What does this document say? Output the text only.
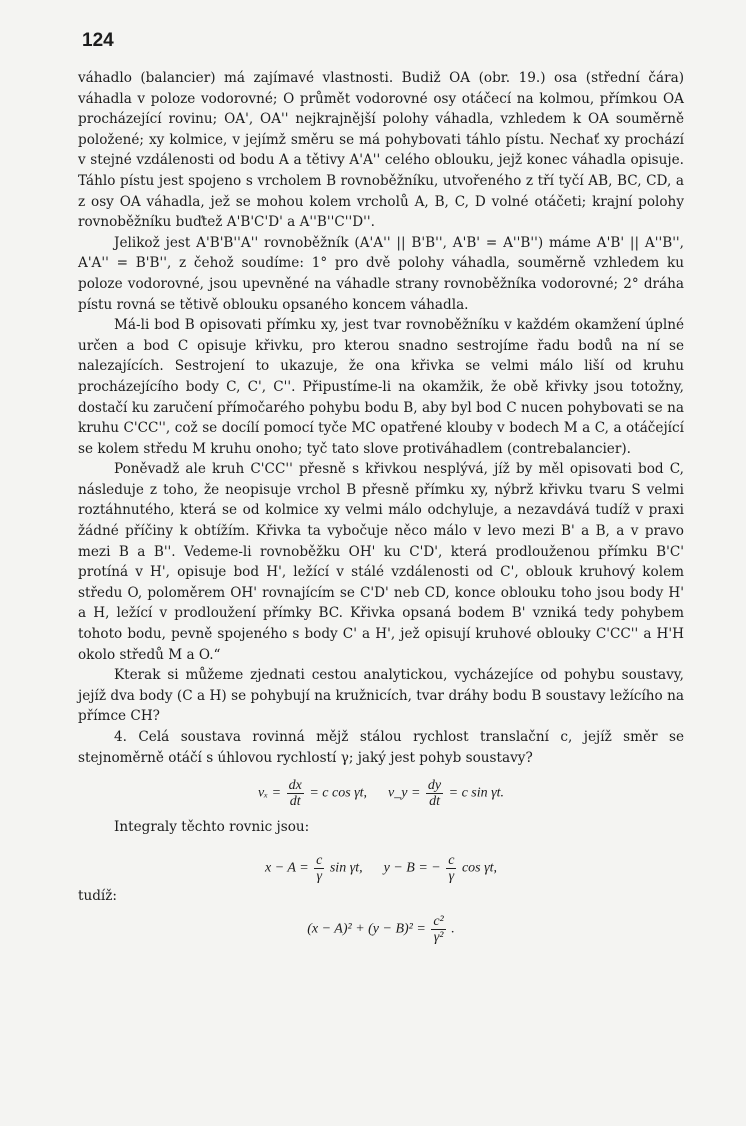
124

váhadlo (balancier) má zajímavé vlastnosti. Budiž OA (obr. 19.) osa (střední čára) váhadla v poloze vodorovné; O průmět vodorovné osy otáčecí na kolmou, přímkou OA procházející rovinu; OA', OA'' nejkrajnější polohy váhadla, vzhledem k OA souměrně položené; xy kolmice, v jejímž směru se má pohybovati táhlo pístu. Nechať xy prochází v stejné vzdálenosti od bodu A a tětivy A'A'' celého oblouku, jejž konec váhadla opisuje. Táhlo pístu jest spojeno s vrcholem B rovnoběžníku, utvořeného z tří tyčí AB, BC, CD, a z osy OA váhadla, jež se mohou kolem vrcholů A, B, C, D volné otáčeti; krajní polohy rovnoběžníku buďtež A'B'C'D' a A''B''C''D''.

Jelikož jest A'B'B''A'' rovnoběžník (A'A'' || B'B'', A'B' = A''B'') máme A'B' || A''B'', A'A'' = B'B'', z čehož soudíme: 1° pro dvě polohy váhadla, souměrně vzhledem ku poloze vodorovné, jsou upevněné na váhadle strany rovnoběžníka vodorovné; 2° dráha pístu rovná se tětivě oblouku opsaného koncem váhadla.

Má-li bod B opisovati přímku xy, jest tvar rovnoběžníku v každém okamžení úplné určen a bod C opisuje křivku, pro kterou snadno sestrojíme řadu bodů na ní se nalezajících. Sestrojení to ukazuje, že ona křivka se velmi málo liší od kruhu procházejícího body C, C', C''. Připustíme-li na okamžik, že obě křivky jsou totožny, dostačí ku zaručení přímočarého pohybu bodu B, aby byl bod C nucen pohybovati se na kruhu C'CC'', což se docílí pomocí tyče MC opatřené klouby v bodech M a C, a otáčející se kolem středu M kruhu onoho; tyč tato slove protiváhadlem (contrebalancier).

Poněvadž ale kruh C'CC'' přesně s křivkou nesplývá, jíž by měl opisovati bod C, následuje z toho, že neopisuje vrchol B přesně přímku xy, nýbrž křivku tvaru S velmi roztáhnutého, která se od kolmice xy velmi málo odchyluje, a nezavdává tudíž v praxi žádné příčiny k obtížím. Křivka ta vybočuje něco málo v levo mezi B' a B, a v pravo mezi B a B''. Vedeme-li rovnoběžku OH' ku C'D', která prodlouženou přímku B'C' protíná v H', opisuje bod H', ležící v stálé vzdálenosti od C', oblouk kruhový kolem středu O, poloměrem OH' rovnajícím se C'D' neb CD, konce oblouku toho jsou body H' a H, ležící v prodloužení přímky BC. Křivka opsaná bodem B' vzniká tedy pohybem tohoto bodu, pevně spojeného s body C' a H', jež opisují kruhové oblouky C'CC'' a H'H okolo středů M a O.“

Kterak si můžeme zjednati cestou analytickou, vycházejíce od pohybu soustavy, jejíž dva body (C a H) se pohybují na kružnicích, tvar dráhy bodu B soustavy ležícího na přímce CH?

4. Celá soustava rovinná mějž stálou rychlost translační c, jejíž směr se stejnoměrně otáčí s úhlovou rychlostí γ; jaký jest pohyb soustavy?

$v_x = \frac{dx}{dt} = c$ cos γt, v_y = $\frac{dy}{dt} = c$ sin γt.

Integraly těchto rovnic jsou:

$x - A = \frac{c}{\gamma}$ sin γt, y − B = − $\frac{c}{\gamma}$ cos γt,

tudíž:

$(x - A)^2 + (y - B)^2 = \frac{\text{c²}}{\text{γ²}}$ .
